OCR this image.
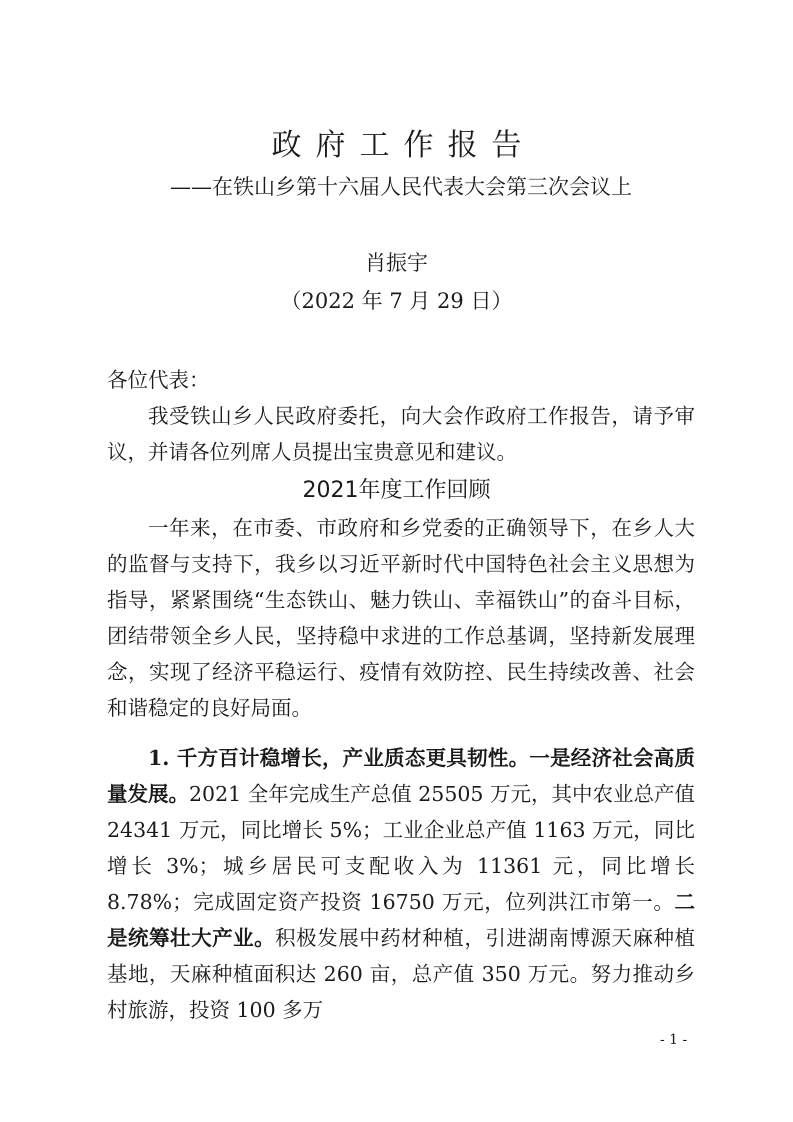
政府工作报告
——在铁山乡第十六届人民代表大会第三次会议上
肖振宇
（2022 年 7 月 29 日）
各位代表：
我受铁山乡人民政府委托，向大会作政府工作报告，请予审议，并请各位列席人员提出宝贵意见和建议。
2021年度工作回顾
一年来，在市委、市政府和乡党委的正确领导下，在乡人大的监督与支持下，我乡以习近平新时代中国特色社会主义思想为指导，紧紧围绕“生态铁山、魅力铁山、幸福铁山”的奋斗目标，团结带领全乡人民，坚持稳中求进的工作总基调，坚持新发展理念，实现了经济平稳运行、疫情有效防控、民生持续改善、社会和谐稳定的良好局面。
1. 千方百计稳增长，产业质态更具韧性。一是经济社会高质量发展。2021 全年完成生产总值 25505 万元，其中农业总产值 24341 万元，同比增长 5%；工业企业总产值 1163 万元，同比增长 3%；城乡居民可支配收入为 11361 元，同比增长 8.78%；完成固定资产投资 16750 万元，位列洪江市第一。二是统筹壮大产业。积极发展中药材种植，引进湖南博源天麻种植基地，天麻种植面积达 260 亩，总产值 350 万元。努力推动乡村旅游，投资 100 多万
- 1 -
